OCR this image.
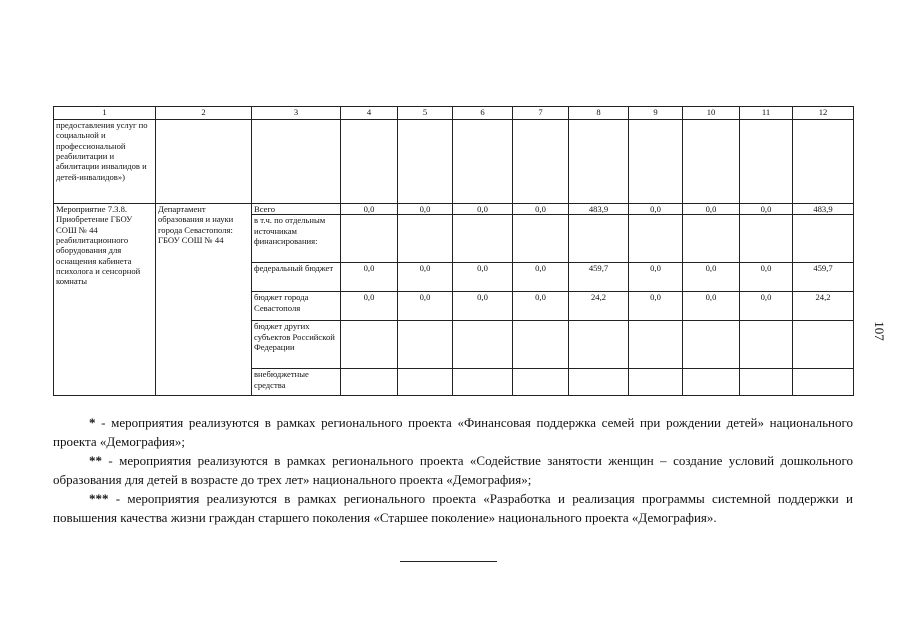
1	2	3	4	5	6	7	8	9	10	11	12
предоставления услуг по социальной и профессиональной реабилитации и абилитации инвалидов и детей-инвалидов»)											
Мероприятие 7.3.8. Приобретение ГБОУ СОШ № 44 реабилитационного оборудования для оснащения кабинета психолога и сенсорной комнаты	Департамент образования и науки города Севастополя: ГБОУ СОШ № 44	Всего	0,0	0,0	0,0	0,0	483,9	0,0	0,0	0,0	483,9
		в т.ч. по отдельным источникам финансирования:									
		федеральный бюджет	0,0	0,0	0,0	0,0	459,7	0,0	0,0	0,0	459,7
		бюджет города Севастополя	0,0	0,0	0,0	0,0	24,2	0,0	0,0	0,0	24,2
		бюджет других субъектов Российской Федерации									
		внебюджетные средства									

* - мероприятия реализуются в рамках регионального проекта «Финансовая поддержка семей при рождении детей» национального проекта «Демография»;

** - мероприятия реализуются в рамках регионального проекта «Содействие занятости женщин – создание условий дошкольного образования для детей в возрасте до трех лет» национального проекта «Демография»;

*** - мероприятия реализуются в рамках регионального проекта «Разработка и реализация программы системной поддержки и повышения качества жизни граждан старшего поколения «Старшее поколение» национального проекта «Демография».

107
